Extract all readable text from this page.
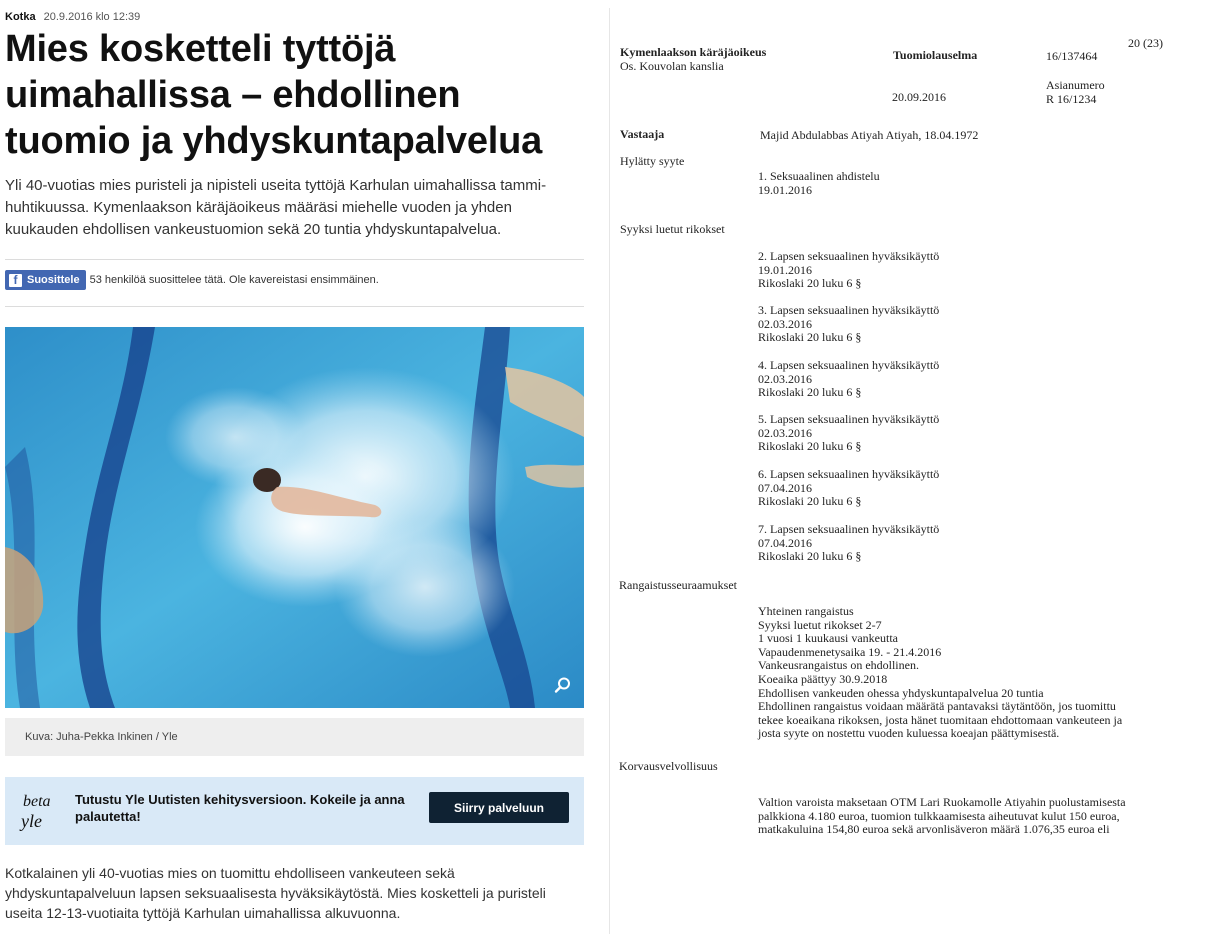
Kotka 20.9.2016 klo 12:39
Mies kosketteli tyttöjä uimahallissa – ehdollinen tuomio ja yhdyskuntapalvelua

Yli 40-vuotias mies puristeli ja nipisteli useita tyttöjä Karhulan uimahallissa tammi-huhtikuussa. Kymenlaakson käräjäoikeus määräsi miehelle vuoden ja yhden kuukauden ehdollisen vankeustuomion sekä 20 tuntia yhdyskuntapalvelua.

f Suosittele 53 henkilöä suosittelee tätä. Ole kavereistasi ensimmäinen.
Kuva: Juha-Pekka Inkinen / Yle
beta
yle
Tutustu Yle Uutisten kehitysversioon. Kokeile ja anna palautetta!
Siirry palveluun

Kotkalainen yli 40-vuotias mies on tuomittu ehdolliseen vankeuteen sekä yhdyskuntapalveluun lapsen seksuaalisesta hyväksikäytöstä. Mies kosketteli ja puristeli useita 12-13-vuotiaita tyttöjä Karhulan uimahallissa alkuvuonna.

Kymenlaakson käräjäoikeus
Os. Kouvolan kanslia
Tuomiolauselma	16/137464
20 (23)
Asianumero
20.09.2016	R 16/1234
Vastaaja	Majid Abdulabbas Atiyah Atiyah, 18.04.1972
Hylätty syyte
1. Seksuaalinen ahdistelu
19.01.2016
Syyksi luetut rikokset
2. Lapsen seksuaalinen hyväksikäyttö
19.01.2016
Rikoslaki 20 luku 6 §
3. Lapsen seksuaalinen hyväksikäyttö
02.03.2016
Rikoslaki 20 luku 6 §
4. Lapsen seksuaalinen hyväksikäyttö
02.03.2016
Rikoslaki 20 luku 6 §
5. Lapsen seksuaalinen hyväksikäyttö
02.03.2016
Rikoslaki 20 luku 6 §
6. Lapsen seksuaalinen hyväksikäyttö
07.04.2016
Rikoslaki 20 luku 6 §
7. Lapsen seksuaalinen hyväksikäyttö
07.04.2016
Rikoslaki 20 luku 6 §
Rangaistusseuraamukset
Yhteinen rangaistus
Syyksi luetut rikokset 2-7
1 vuosi 1 kuukausi vankeutta
Vapaudenmenetysaika 19. - 21.4.2016
Vankeusrangaistus on ehdollinen.
Koeaika päättyy 30.9.2018
Ehdollisen vankeuden ohessa yhdyskuntapalvelua 20 tuntia
Ehdollinen rangaistus voidaan määrätä pantavaksi täytäntöön, jos tuomittu
tekee koeaikana rikoksen, josta hänet tuomitaan ehdottomaan vankeuteen ja
josta syyte on nostettu vuoden kuluessa koeajan päättymisestä.
Korvausvelvollisuus
Valtion varoista maksetaan OTM Lari Ruokamolle Atiyahin puolustamisesta
palkkiona 4.180 euroa, tuomion tulkkaamisesta aiheutuvat kulut 150 euroa,
matkakuluina 154,80 euroa sekä arvonlisäveron määrä 1.076,35 euroa eli
